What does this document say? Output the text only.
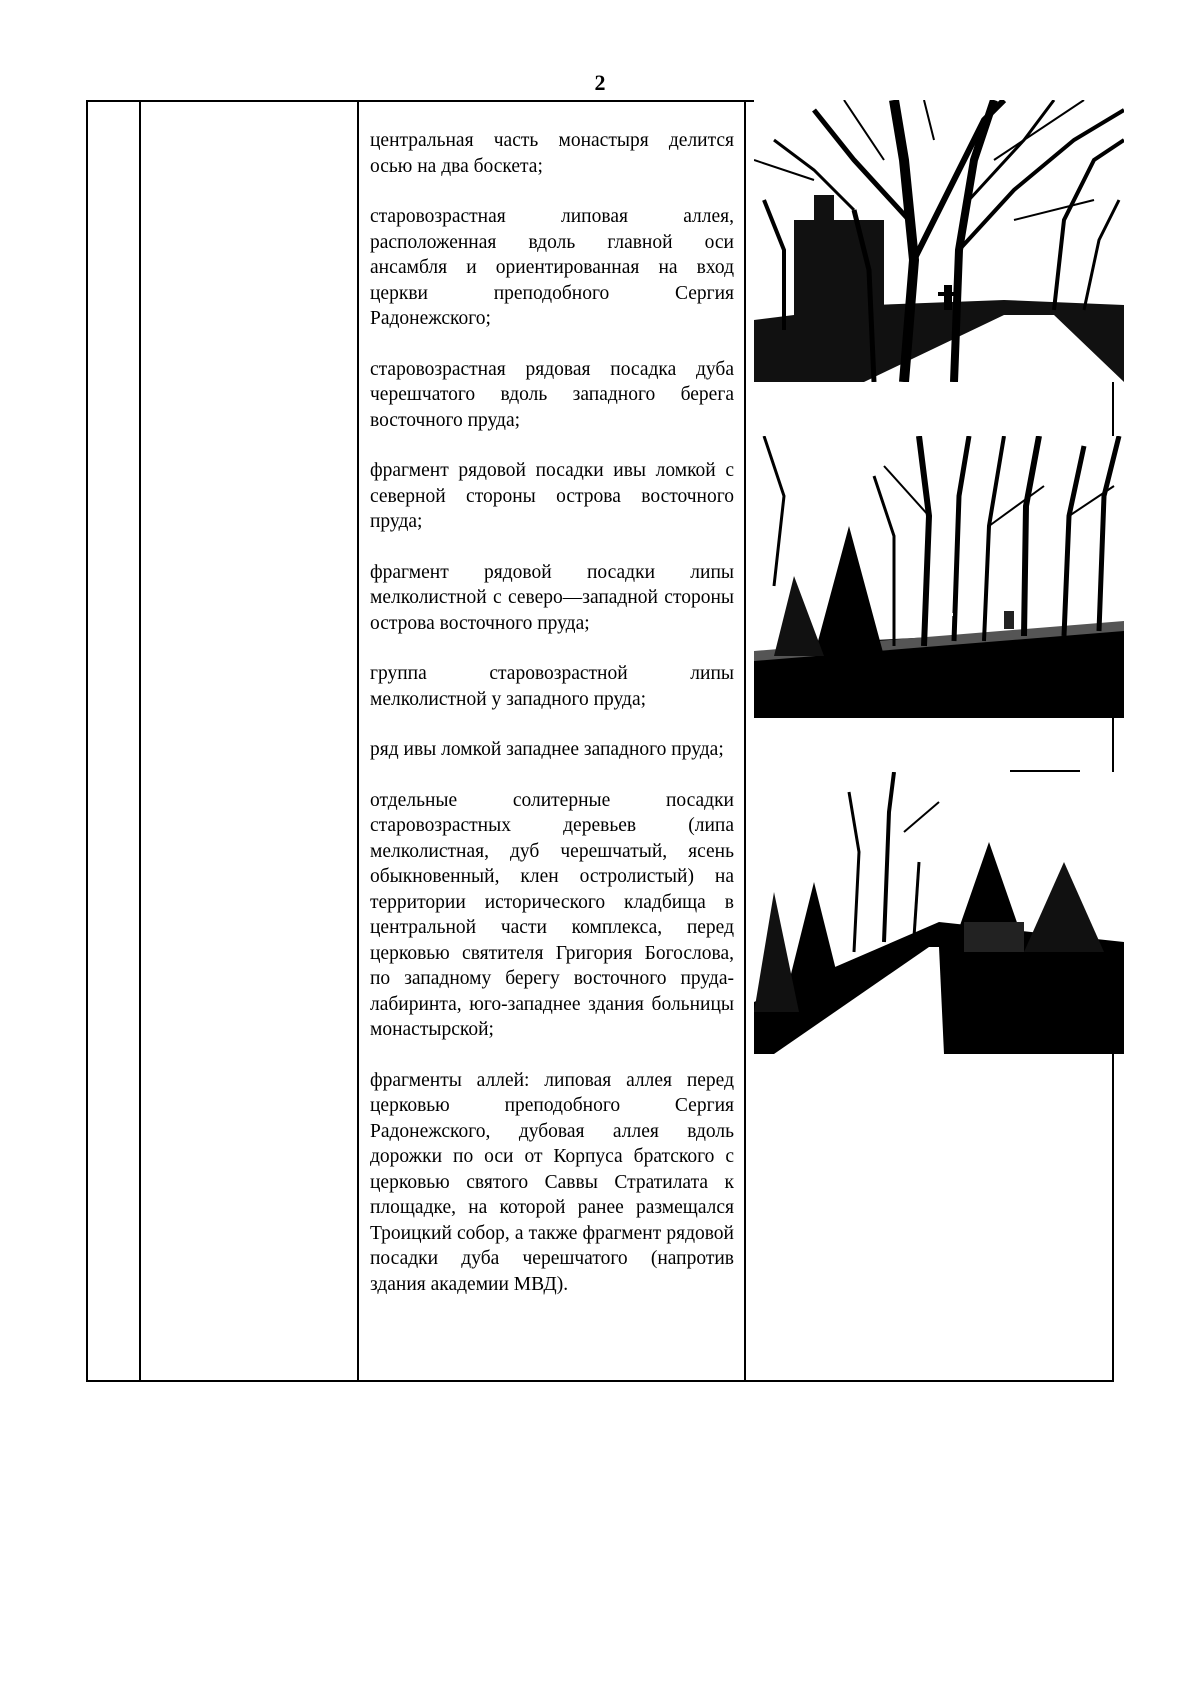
2

центральная часть монастыря делится осью на два боскета;

старовозрастная липовая аллея, расположенная вдоль главной оси ансамбля и ориентированная на вход церкви преподобного Сергия Радонежского;

старовозрастная рядовая посадка дуба черешчатого вдоль западного берега восточного пруда;

фрагмент рядовой посадки ивы ломкой с северной стороны острова восточного пруда;

фрагмент рядовой посадки липы мелколистной с северо—западной стороны острова восточного пруда;

группа старовозрастной липы мелколистной у западного пруда;

ряд ивы ломкой западнее западного пруда;

отдельные солитерные посадки старовозрастных деревьев (липа мелколистная, дуб черешчатый, ясень обыкновенный, клен остролистый) на территории исторического кладбища в центральной части комплекса, перед церковью святителя Григория Богослова, по западному берегу восточного пруда-лабиринта, юго-западнее здания больницы монастырской;

фрагменты аллей: липовая аллея перед церковью преподобного Сергия Радонежского, дубовая аллея вдоль дорожки по оси от Корпуса братского с церковью святого Саввы Стратилата к площадке, на которой ранее размещался Троицкий собор, а также фрагмент рядовой посадки дуба черешчатого (напротив здания академии МВД).
